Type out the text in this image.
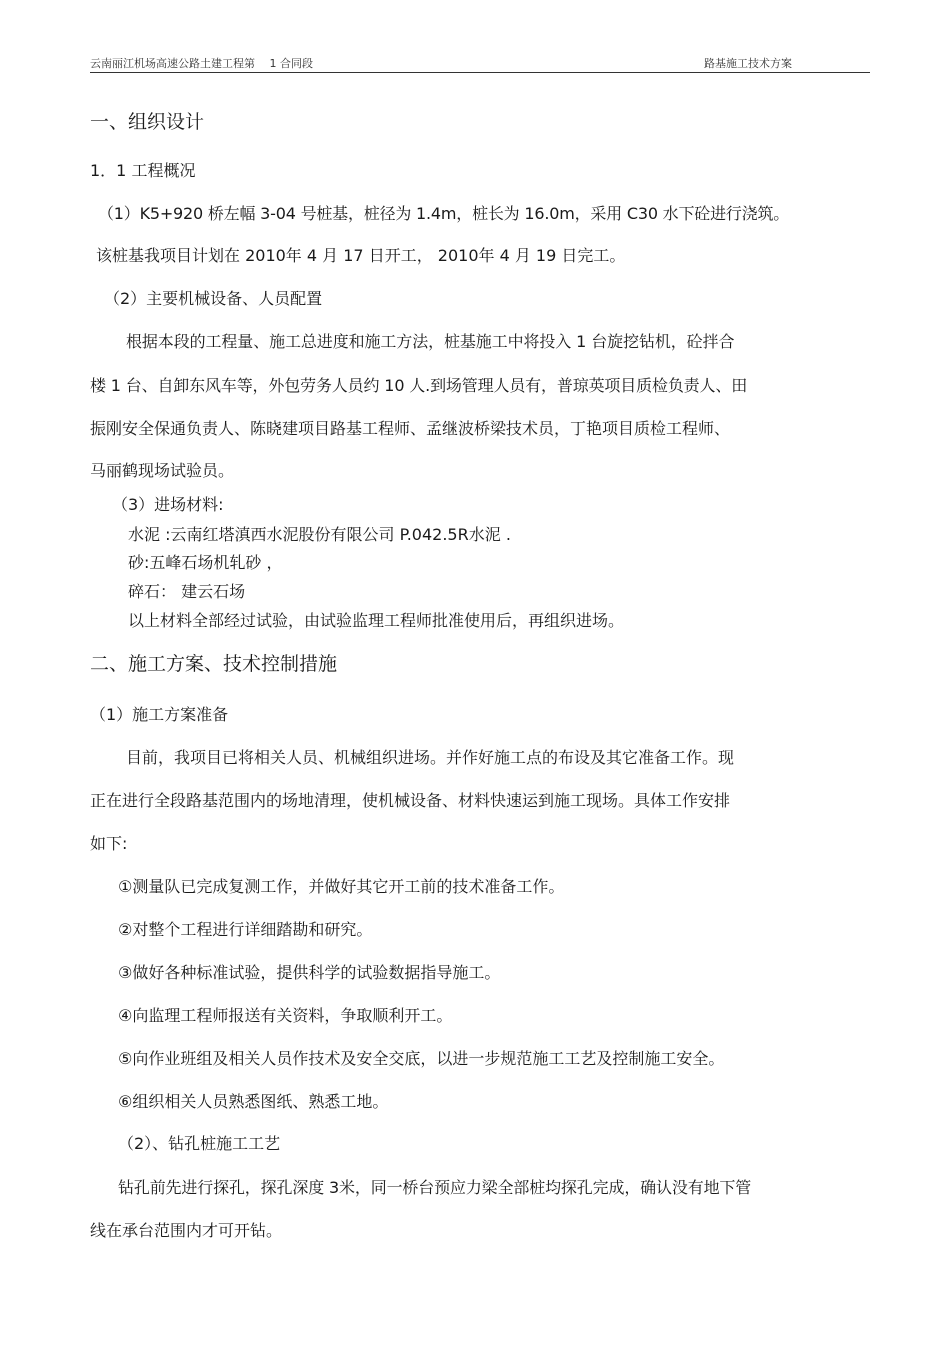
云南丽江机场高速公路土建工程第　 1 合同段	路基施工技术方案
一、组织设计
1．1 工程概况
（1）K5+920 桥左幅 3-04 号桩基，桩径为 1.4m，桩长为 16.0m，采用 C30 水下砼进行浇筑。
该桩基我项目计划在 2010年 4 月 17 日开工， 2010年 4 月 19 日完工。
（2）主要机械设备、人员配置
根据本段的工程量、施工总进度和施工方法，桩基施工中将投入 1 台旋挖钻机，砼拌合
楼 1 台、自卸东风车等，外包劳务人员约 10 人.到场管理人员有，普琼英项目质检负责人、田
振刚安全保通负责人、陈晓建项目路基工程师、孟继波桥梁技术员，丁艳项目质检工程师、
马丽鹤现场试验员。
（3）进场材料:
水泥 :云南红塔滇西水泥股份有限公司 P.042.5R水泥 .
砂:五峰石场机轧砂 ，
碎石： 建云石场
以上材料全部经过试验，由试验监理工程师批准使用后，再组织进场。
二、施工方案、技术控制措施
（1）施工方案准备
目前，我项目已将相关人员、机械组织进场。并作好施工点的布设及其它准备工作。现
正在进行全段路基范围内的场地清理，使机械设备、材料快速运到施工现场。具体工作安排
如下:
①测量队已完成复测工作，并做好其它开工前的技术准备工作。
②对整个工程进行详细踏勘和研究。
③做好各种标准试验，提供科学的试验数据指导施工。
④向监理工程师报送有关资料，争取顺利开工。
⑤向作业班组及相关人员作技术及安全交底，以进一步规范施工工艺及控制施工安全。
⑥组织相关人员熟悉图纸、熟悉工地。
（2）、钻孔桩施工工艺
钻孔前先进行探孔，探孔深度 3米，同一桥台预应力梁全部桩均探孔完成，确认没有地下管
线在承台范围内才可开钻。
